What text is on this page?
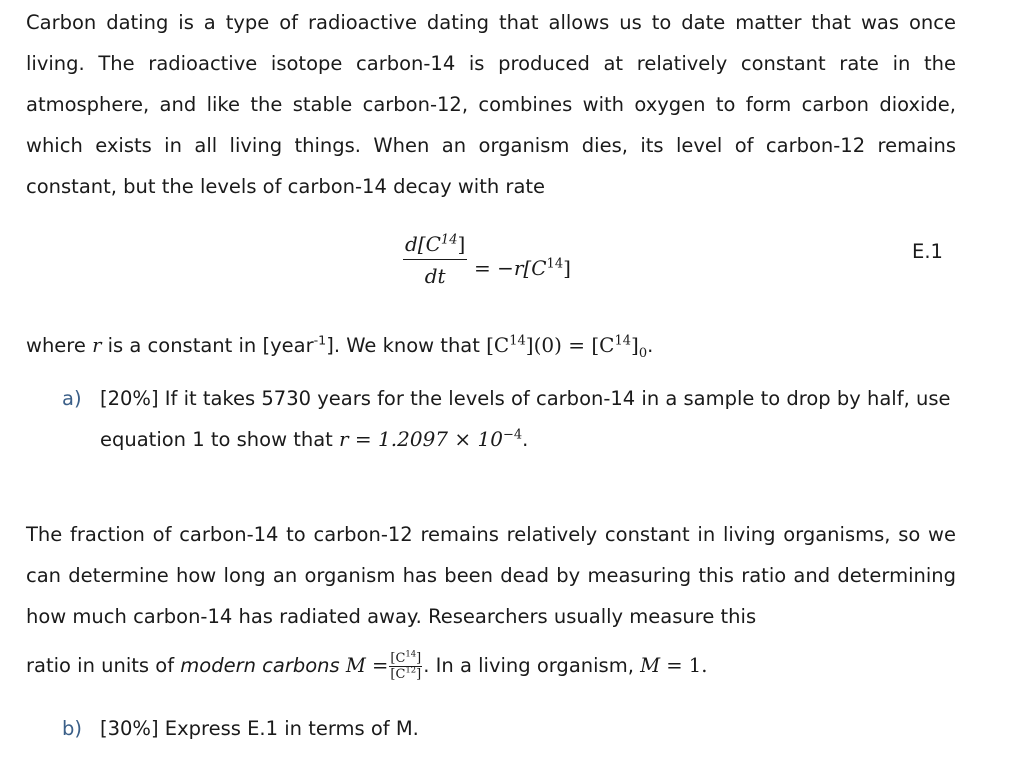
Carbon dating is a type of radioactive dating that allows us to date matter that was once living. The radioactive isotope carbon-14 is produced at relatively constant rate in the atmosphere, and like the stable carbon-12, combines with oxygen to form carbon dioxide, which exists in all living things. When an organism dies, its level of carbon-12 remains constant, but the levels of carbon-14 decay with rate

$\frac{d[C^{14}]}{dt} = -r[C^{14}]$
E.1

where r is a constant in [year$^{-1}$]. We know that $[C^{14}](0) = [C^{14}]_0$.

a) [20%] If it takes 5730 years for the levels of carbon-14 in a sample to drop by half, use equation 1 to show that $r = 1.2097 \times 10^{-4}$.

The fraction of carbon-14 to carbon-12 remains relatively constant in living organisms, so we can determine how long an organism has been dead by measuring this ratio and determining how much carbon-14 has radiated away. Researchers usually measure this

ratio in units of modern carbons $M = \frac{[C^{14}]}{[C^{12}]}$ . In a living organism, M = 1.

b) [30%] Express E.1 in terms of M.
